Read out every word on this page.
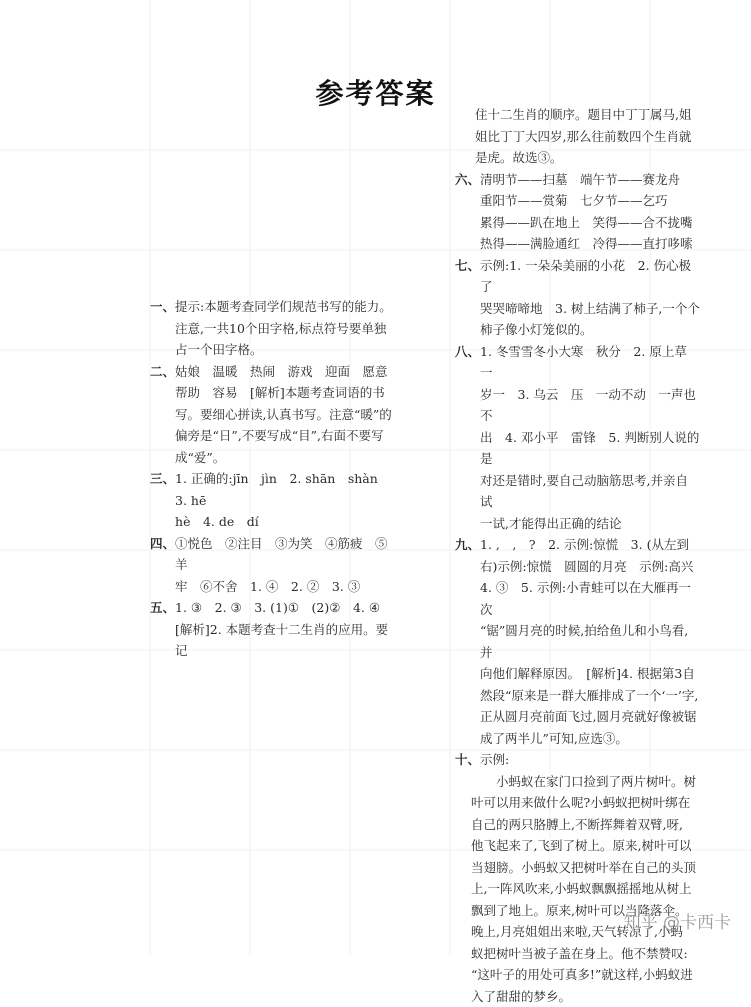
参考答案
一、 提示:本题考查同学们规范书写的能力。
注意,一共10个田字格,标点符号要单独
占一个田字格。
二、 姑娘　温暖　热闹　游戏　迎面　愿意
帮助　容易　[解析]本题考查词语的书
写。要细心拼读,认真书写。注意“暖”的
偏旁是“日”,不要写成“目”,右面不要写
成“爱”。
三、 1. 正确的:jīn　jìn　2. shān　shàn　3. hē
hè　4. de　dí
四、 ①悦色　②注目　③为笑　④筋疲　⑤羊
牢　⑥不舍　1. ④　2. ②　3. ③
五、 1. ③　2. ③　3. (1)①　(2)②　4. ④
[解析]2. 本题考查十二生肖的应用。要记
住十二生肖的顺序。题目中丁丁属马,姐
姐比丁丁大四岁,那么往前数四个生肖就
是虎。故选③。
六、 清明节——扫墓　端午节——赛龙舟
重阳节——赏菊　七夕节——乞巧
累得——趴在地上　笑得——合不拢嘴
热得——满脸通红　冷得——直打哆嗦
七、 示例:1. 一朵朵美丽的小花　2. 伤心极了
哭哭啼啼地　3. 树上结满了柿子,一个个
柿子像小灯笼似的。
八、 1. 冬雪雪冬小大寒　秋分　2. 原上草　一
岁一　3. 乌云　压　一动不动　一声也不
出　4. 邓小平　雷锋　5. 判断别人说的是
对还是错时,要自己动脑筋思考,并亲自试
一试,才能得出正确的结论
九、 1. ,　,　?　2. 示例:惊慌　3. (从左到
右)示例:惊慌　圆圆的月亮　示例:高兴
4. ③　5. 示例:小青蛙可以在大雁再一次
“锯”圆月亮的时候,拍给鱼儿和小鸟看,并
向他们解释原因。　[解析]4. 根据第3自
然段“原来是一群大雁排成了一个‘一’字,
正从圆月亮前面飞过,圆月亮就好像被锯
成了两半儿”可知,应选③。
十、 示例:
　　小蚂蚁在家门口捡到了两片树叶。树
叶可以用来做什么呢?小蚂蚁把树叶绑在
自己的两只胳膊上,不断挥舞着双臂,呀,
他飞起来了,飞到了树上。原来,树叶可以
当翅膀。小蚂蚁又把树叶举在自己的头顶
上,一阵风吹来,小蚂蚁飘飘摇摇地从树上
飘到了地上。原来,树叶可以当降落伞。
晚上,月亮姐姐出来啦,天气转凉了,小蚂
蚁把树叶当被子盖在身上。他不禁赞叹:
“这叶子的用处可真多!”就这样,小蚂蚁进
入了甜甜的梦乡。
知乎 @卡西卡
